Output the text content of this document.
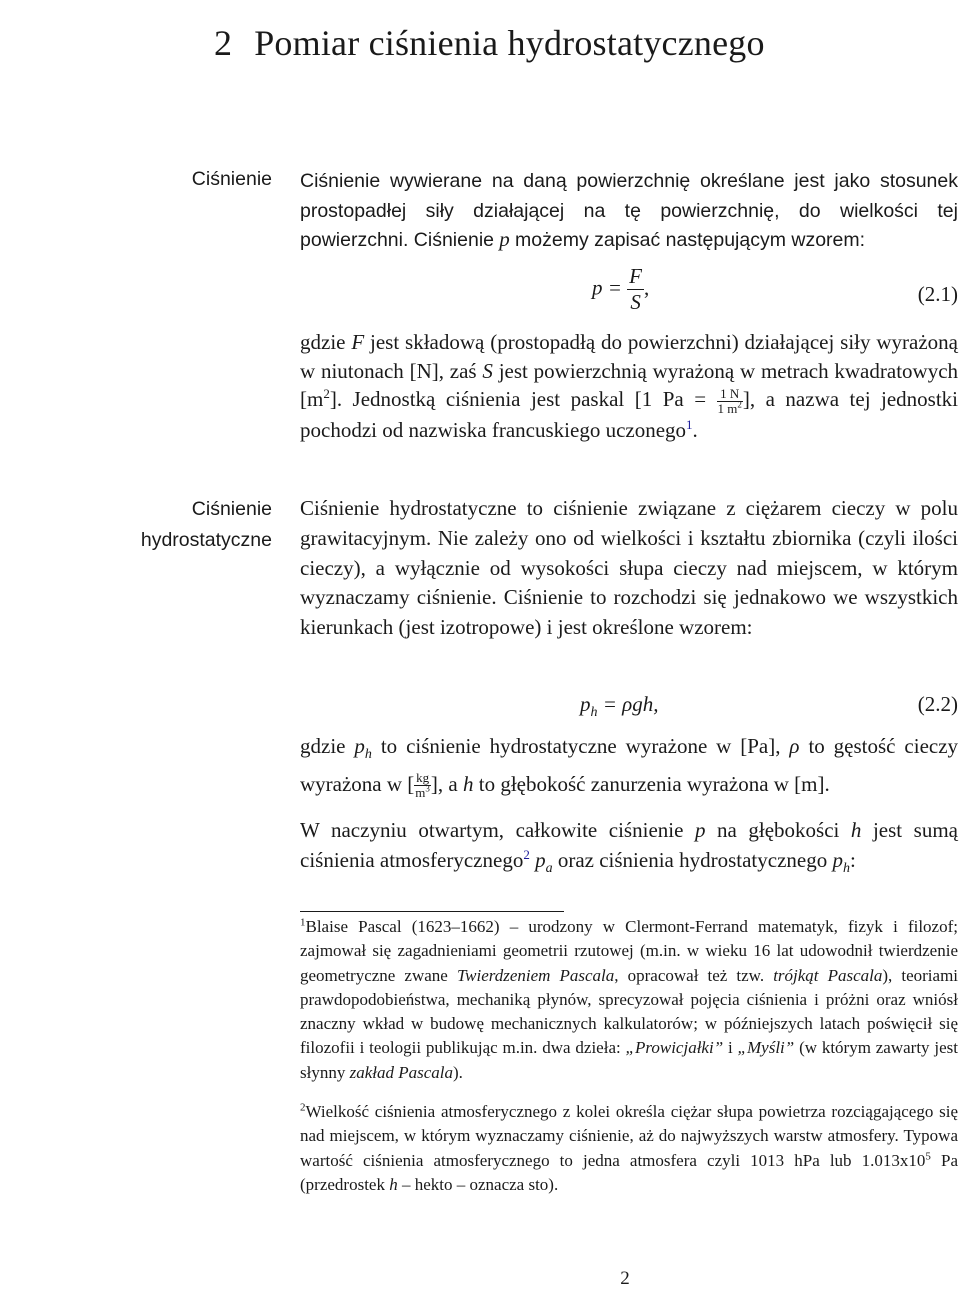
2 Pomiar ciśnienia hydrostatycznego
Ciśnienie Ciśnienie wywierane na daną powierzchnię określane jest jako stosunek prostopadłej siły działającej na tę powierzchnię, do wielkości tej powierzchni. Ciśnienie p możemy zapisać następującym wzorem:
$p = \frac{F}{S}$ ,	(2.1)
gdzie F jest składową (prostopadłą do powierzchni) działającej siły wyrażoną w niutonach [N], zaś S jest powierzchnią wyrażoną w metrach kwadratowych $[m^2]$. Jednostką ciśnienia jest paskal [1 $Pa = \frac{1 N}{1 m^2}$ ], a nazwa tej jednostki pochodzi od nazwiska francuskiego uczonego$^1$.
Ciśnienie
hydrostatyczne
Ciśnienie hydrostatyczne to ciśnienie związane z ciężarem cieczy w polu grawitacyjnym. Nie zależy ono od wielkości i kształtu zbiornika (czyli ilości cieczy), a wyłącznie od wysokości słupa cieczy nad miejscem, w którym wyznaczamy ciśnienie. Ciśnienie to rozchodzi się jednakowo we wszystkich kierunkach (jest izotropowe) i jest określone wzorem:
$p_h = \rho gh$,	(2.2)
gdzie $p_h$ to ciśnienie hydrostatyczne wyrażone w [Pa], ρ to gęstość cieczy wyrażona w [ $\frac{kg}{m^3}$ ], a h to głębokość zanurzenia wyrażona w [m].
W naczyniu otwartym, całkowite ciśnienie p na głębokości h jest sumą ciśnienia atmosferycznego$^2$ $p_a$ oraz ciśnienia hydrostatycznego $p_h$:
$^1$Blaise Pascal (1623–1662) – urodzony w Clermont-Ferrand matematyk, fizyk i filozof; zajmował się zagadnieniami geometrii rzutowej (m.in. w wieku 16 lat udowodnił twierdzenie geometryczne zwane Twierdzeniem Pascala, opracował też tzw. trójkąt Pascala), teoriami prawdopodobieństwa, mechaniką płynów, sprecyzował pojęcia ciśnienia i próżni oraz wniósł znaczny wkład w budowę mechanicznych kalkulatorów; w późniejszych latach poświęcił się filozofii i teologii publikując m.in. dwa dzieła: „Prowicjałki” i „Myśli” (w którym zawarty jest słynny zakład Pascala).
$^2$Wielkość ciśnienia atmosferycznego z kolei określa ciężar słupa powietrza rozciągającego się nad miejscem, w którym wyznaczamy ciśnienie, aż do najwyższych warstw atmosfery. Typowa wartość ciśnienia atmosferycznego to jedna atmosfera czyli 1013 hPa lub $1.013x10^5$ Pa (przedrostek h – hekto – oznacza sto).
2
